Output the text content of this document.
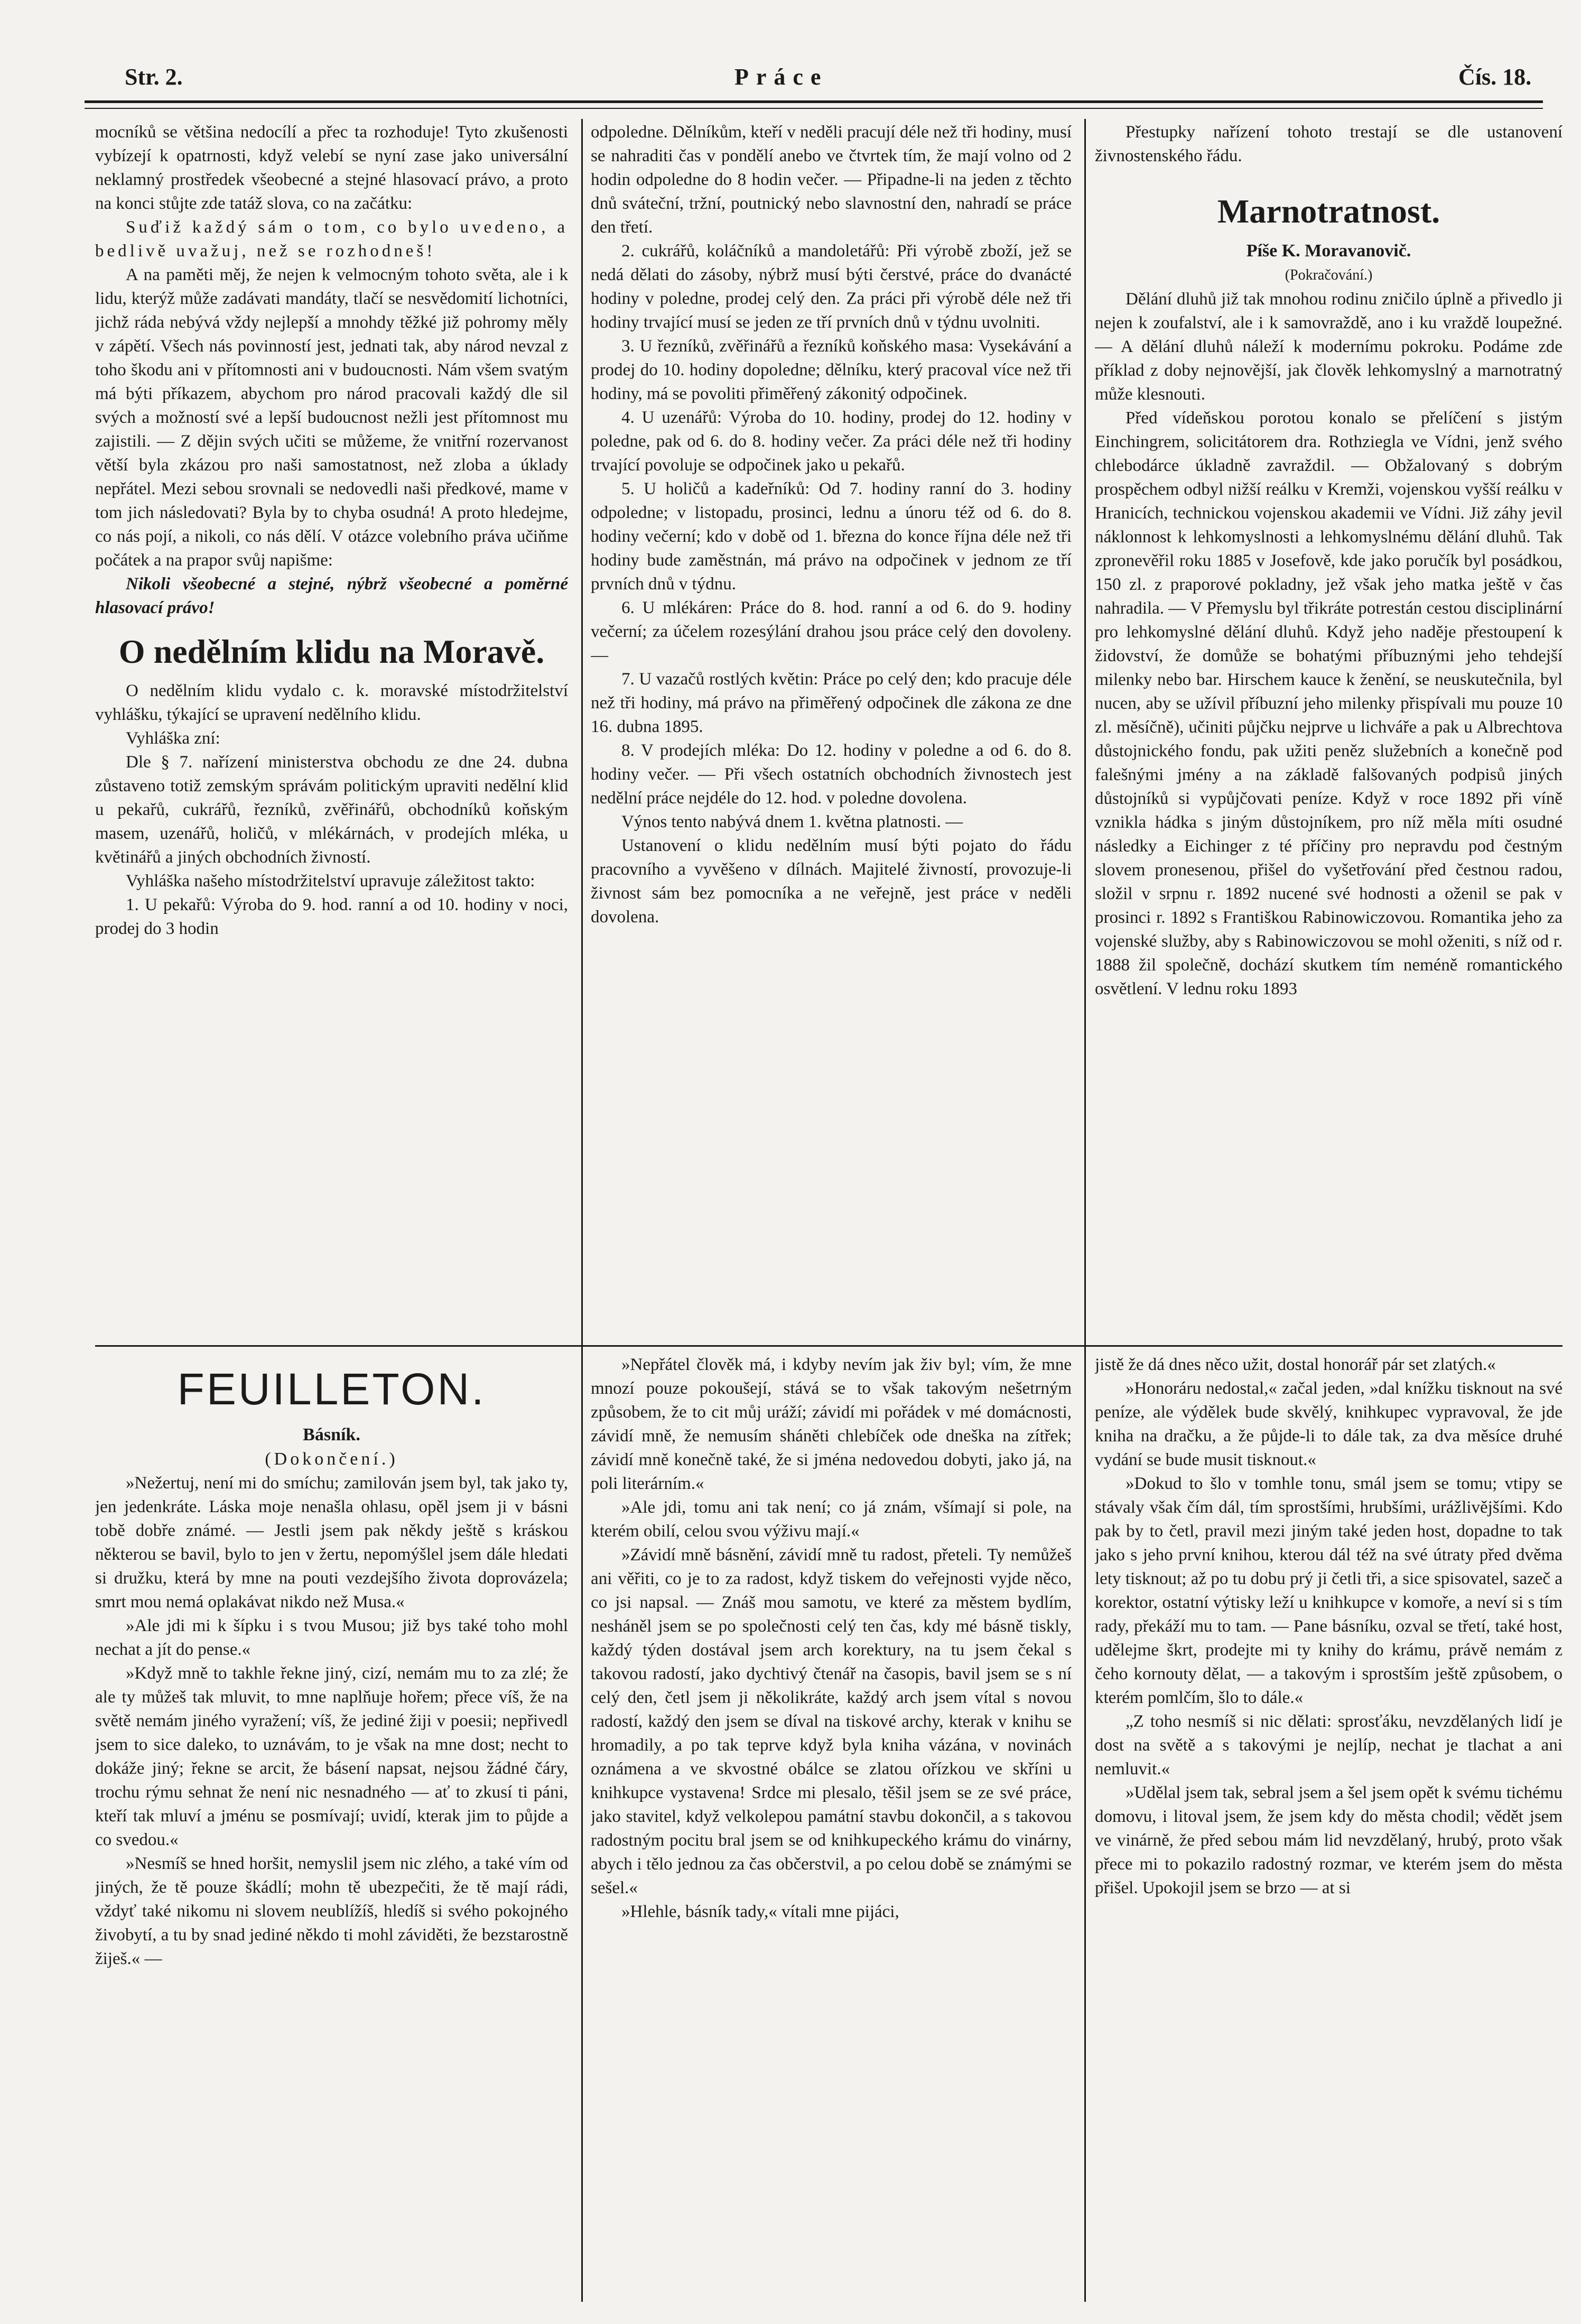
Str. 2.	Práce	Čís. 18.

mocníků se většina nedocílí a přec ta rozhoduje! Tyto zkušenosti vybízejí k opatrnosti, když velebí se nyní zase jako universální neklamný prostředek všeobecné a stejné hlasovací právo, a proto na konci stůjte zde tatáž slova, co na začátku:

Suďiž každý sám o tom, co bylo uvedeno, a bedlivě uvažuj, než se rozhodneš!

A na paměti měj, že nejen k velmocným tohoto světa, ale i k lidu, kterýž může zadávati mandáty, tlačí se nesvědomití lichotníci, jichž ráda nebývá vždy nejlepší a mnohdy těžké již pohromy měly v zápětí. Všech nás povinností jest, jednati tak, aby národ nevzal z toho škodu ani v přítomnosti ani v budoucnosti. Nám všem svatým má býti příkazem, abychom pro národ pracovali každý dle sil svých a možností své a lepší budoucnost nežli jest přítomnost mu zajistili. — Z dějin svých učiti se můžeme, že vnitřní rozervanost větší byla zkázou pro naši samostatnost, než zloba a úklady nepřátel. Mezi sebou srovnali se nedovedli naši předkové, mame v tom jich následovati? Byla by to chyba osudná! A proto hledejme, co nás pojí, a nikoli, co nás dělí. V otázce volebního práva učiňme počátek a na prapor svůj napišme:

Nikoli všeobecné a stejné, nýbrž všeobecné a poměrné hlasovací právo!

O nedělním klidu na Moravě.

O nedělním klidu vydalo c. k. moravské místodržitelství vyhlášku, týkající se upravení nedělního klidu.

Vyhláška zní:

Dle § 7. nařízení ministerstva obchodu ze dne 24. dubna zůstaveno totiž zemským správám politickým upraviti nedělní klid u pekařů, cukrářů, řezníků, zvěřinářů, obchodníků koňským masem, uzenářů, holičů, v mlékárnách, v prodejích mléka, u květinářů a jiných obchodních živností.

Vyhláška našeho místodržitelství upravuje záležitost takto:

1. U pekařů: Výroba do 9. hod. ranní a od 10. hodiny v noci, prodej do 3 hodin

odpoledne. Dělníkům, kteří v neděli pracují déle než tři hodiny, musí se nahraditi čas v pondělí anebo ve čtvrtek tím, že mají volno od 2 hodin odpoledne do 8 hodin večer. — Připadne-li na jeden z těchto dnů sváteční, tržní, poutnický nebo slavnostní den, nahradí se práce den třetí.

2. cukrářů, koláčníků a mandoletářů: Při výrobě zboží, jež se nedá dělati do zásoby, nýbrž musí býti čerstvé, práce do dvanácté hodiny v poledne, prodej celý den. Za práci při výrobě déle než tři hodiny trvající musí se jeden ze tří prvních dnů v týdnu uvolniti.

3. U řezníků, zvěřinářů a řezníků koňského masa: Vysekávání a prodej do 10. hodiny dopoledne; dělníku, který pracoval více než tři hodiny, má se povoliti přiměřený zákonitý odpočinek.

4. U uzenářů: Výroba do 10. hodiny, prodej do 12. hodiny v poledne, pak od 6. do 8. hodiny večer. Za práci déle než tři hodiny trvající povoluje se odpočinek jako u pekařů.

5. U holičů a kadeřníků: Od 7. hodiny ranní do 3. hodiny odpoledne; v listopadu, prosinci, lednu a únoru též od 6. do 8. hodiny večerní; kdo v době od 1. března do konce října déle než tři hodiny bude zaměstnán, má právo na odpočinek v jednom ze tří prvních dnů v týdnu.

6. U mlékáren: Práce do 8. hod. ranní a od 6. do 9. hodiny večerní; za účelem rozesýlání drahou jsou práce celý den dovoleny. —

7. U vazačů rostlých květin: Práce po celý den; kdo pracuje déle než tři hodiny, má právo na přiměřený odpočinek dle zákona ze dne 16. dubna 1895.

8. V prodejích mléka: Do 12. hodiny v poledne a od 6. do 8. hodiny večer. — Při všech ostatních obchodních živnostech jest nedělní práce nejdéle do 12. hod. v poledne dovolena.

Výnos tento nabývá dnem 1. května platnosti. —

Ustanovení o klidu nedělním musí býti pojato do řádu pracovního a vyvěšeno v dílnách. Majitelé živností, provozuje-li živnost sám bez pomocníka a ne veřejně, jest práce v neděli dovolena.

Přestupky nařízení tohoto trestají se dle ustanovení živnostenského řádu.

Marnotratnost.
Píše K. Moravanovič.
(Pokračování.)

Dělání dluhů již tak mnohou rodinu zničilo úplně a přivedlo ji nejen k zoufalství, ale i k samovraždě, ano i ku vraždě loupežné. — A dělání dluhů náleží k modernímu pokroku. Podáme zde příklad z doby nejnovější, jak člověk lehkomyslný a marnotratný může klesnouti.

Před vídeňskou porotou konalo se přelíčení s jistým Einchingrem, solicitátorem dra. Rothziegla ve Vídni, jenž svého chlebodárce úkladně zavraždil. — Obžalovaný s dobrým prospěchem odbyl nižší reálku v Kremži, vojenskou vyšší reálku v Hranicích, technickou vojenskou akademii ve Vídni. Již záhy jevil náklonnost k lehkomyslnosti a lehkomyslnému dělání dluhů. Tak zpronevěřil roku 1885 v Josefově, kde jako poručík byl posádkou, 150 zl. z praporové pokladny, jež však jeho matka ještě v čas nahradila. — V Přemyslu byl třikráte potrestán cestou disciplinární pro lehkomyslné dělání dluhů. Když jeho naděje přestoupení k židovství, že domůže se bohatými příbuznými jeho tehdejší milenky nebo bar. Hirschem kauce k ženění, se neuskutečnila, byl nucen, aby se užívil příbuzní jeho milenky přispívali mu pouze 10 zl. měsíčně), učiniti půjčku nejprve u lichváře a pak u Albrechtova důstojnického fondu, pak užiti peněz služebních a konečně pod falešnými jmény a na základě falšovaných podpisů jiných důstojníků si vypůjčovati peníze. Když v roce 1892 při víně vznikla hádka s jiným důstojníkem, pro níž měla míti osudné následky a Eichinger z té příčiny pro nepravdu pod čestným slovem pronesenou, přišel do vyšetřování před čestnou radou, složil v srpnu r. 1892 nucené své hodnosti a oženil se pak v prosinci r. 1892 s Františkou Rabinowiczovou. Romantika jeho za vojenské služby, aby s Rabinowiczovou se mohl oženiti, s níž od r. 1888 žil společně, dochází skutkem tím neméně romantického osvětlení. V lednu roku 1893

FEUILLETON.
Básník.
(Dokončení.)

»Nežertuj, není mi do smíchu; zamilován jsem byl, tak jako ty, jen jedenkráte. Láska moje nenašla ohlasu, opěl jsem ji v básni tobě dobře známé. — Jestli jsem pak někdy ještě s kráskou některou se bavil, bylo to jen v žertu, nepomýšlel jsem dále hledati si družku, která by mne na pouti vezdejšího života doprovázela; smrt mou nemá oplakávat nikdo než Musa.«

»Ale jdi mi k šípku i s tvou Musou; již bys také toho mohl nechat a jít do pense.«

»Když mně to takhle řekne jiný, cizí, nemám mu to za zlé; že ale ty můžeš tak mluvit, to mne naplňuje hořem; přece víš, že na světě nemám jiného vyražení; víš, že jediné žiji v poesii; nepřivedl jsem to sice daleko, to uznávám, to je však na mne dost; necht to dokáže jiný; řekne se arcit, že básení napsat, nejsou žádné čáry, trochu rýmu sehnat že není nic nesnadného — ať to zkusí ti páni, kteří tak mluví a jménu se posmívají; uvidí, kterak jim to půjde a co svedou.«

»Nesmíš se hned horšit, nemyslil jsem nic zlého, a také vím od jiných, že tě pouze škádlí; mohn tě ubezpečiti, že tě mají rádi, vždyť také nikomu ni slovem neublížíš, hledíš si svého pokojného živobytí, a tu by snad jediné někdo ti mohl záviděti, že bezstarostně žiješ.« —

»Nepřátel člověk má, i kdyby nevím jak živ byl; vím, že mne mnozí pouze pokoušejí, stává se to však takovým nešetrným způsobem, že to cit můj uráží; závidí mi pořádek v mé domácnosti, závidí mně, že nemusím sháněti chlebíček ode dneška na zítřek; závidí mně konečně také, že si jména nedovedou dobyti, jako já, na poli literárním.«

»Ale jdi, tomu ani tak není; co já znám, všímají si pole, na kterém obilí, celou svou výživu mají.«

»Závidí mně básnění, závidí mně tu radost, přeteli. Ty nemůžeš ani věřiti, co je to za radost, když tiskem do veřejnosti vyjde něco, co jsi napsal. — Znáš mou samotu, ve které za městem bydlím, nesháněl jsem se po společnosti celý ten čas, kdy mé básně tiskly, každý týden dostával jsem arch korektury, na tu jsem čekal s takovou radostí, jako dychtivý čtenář na časopis, bavil jsem se s ní celý den, četl jsem ji několikráte, každý arch jsem vítal s novou radostí, každý den jsem se díval na tiskové archy, kterak v knihu se hromadily, a po tak teprve když byla kniha vázána, v novinách oznámena a ve skvostné obálce se zlatou ořízkou ve skříni u knihkupce vystavena! Srdce mi plesalo, těšil jsem se ze své práce, jako stavitel, když velkolepou památní stavbu dokončil, a s takovou radostným pocitu bral jsem se od knihkupeckého krámu do vinárny, abych i tělo jednou za čas občerstvil, a po celou době se známými se sešel.«

»Hlehle, básník tady,« vítali mne pijáci,

jistě že dá dnes něco užit, dostal honorář pár set zlatých.«

»Honoráru nedostal,« začal jeden, »dal knížku tisknout na své peníze, ale výdělek bude skvělý, knihkupec vypravoval, že jde kniha na dračku, a že půjde-li to dále tak, za dva měsíce druhé vydání se bude musit tisknout.«

»Dokud to šlo v tomhle tonu, smál jsem se tomu; vtipy se stávaly však čím dál, tím sprostšími, hrubšími, urážlivějšími. Kdo pak by to četl, pravil mezi jiným také jeden host, dopadne to tak jako s jeho první knihou, kterou dál též na své útraty před dvěma lety tisknout; až po tu dobu prý ji četli tři, a sice spisovatel, sazeč a korektor, ostatní výtisky leží u knihkupce v komoře, a neví si s tím rady, překáží mu to tam. — Pane básníku, ozval se třetí, také host, udělejme škrt, prodejte mi ty knihy do krámu, právě nemám z čeho kornouty dělat, — a takovým i sprostším ještě způsobem, o kterém pomlčím, šlo to dále.«

„Z toho nesmíš si nic dělati: sprosťáku, nevzdělaných lidí je dost na světě a s takovými je nejlíp, nechat je tlachat a ani nemluvit.«

»Udělal jsem tak, sebral jsem a šel jsem opět k svému tichému domovu, i litoval jsem, že jsem kdy do města chodil; vědět jsem ve vinárně, že před sebou mám lid nevzdělaný, hrubý, proto však přece mi to pokazilo radostný rozmar, ve kterém jsem do města přišel. Upokojil jsem se brzo — at si
